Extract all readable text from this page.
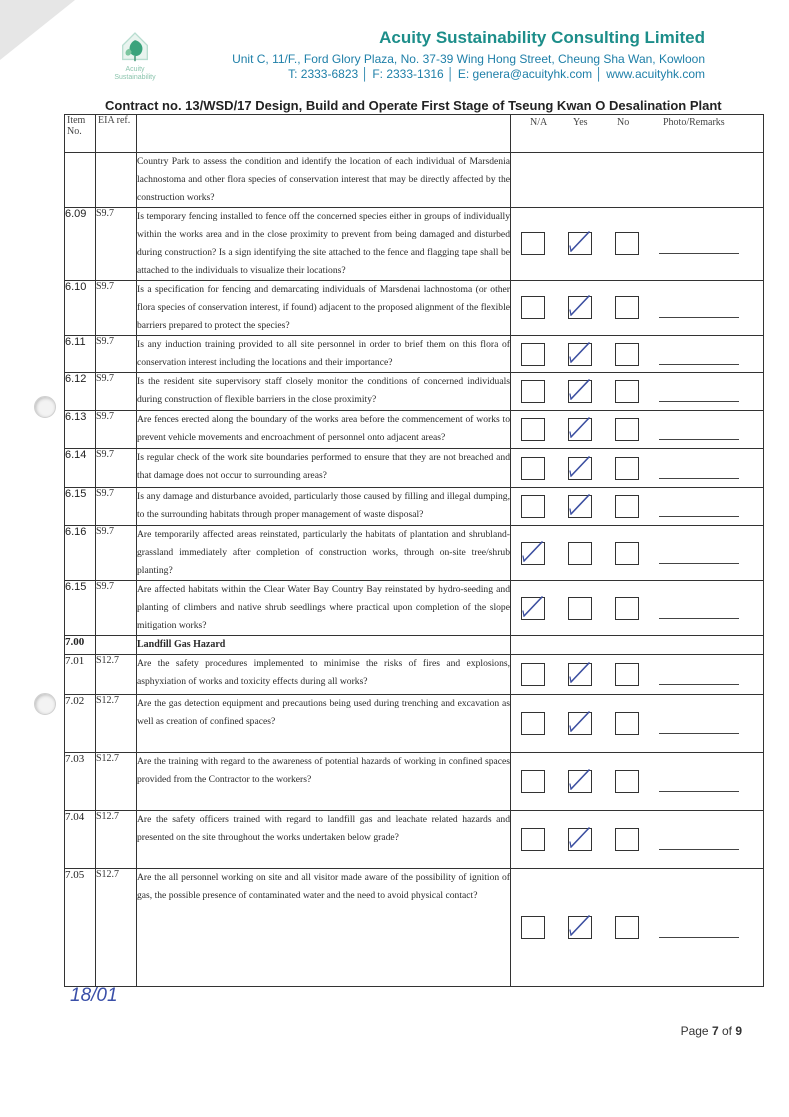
Acuity
Sustainability
Acuity Sustainability Consulting Limited
Unit C, 11/F., Ford Glory Plaza, No. 37-39 Wing Hong Street, Cheung Sha Wan, Kowloon
T: 2333-6823 │ F: 2333-1316 │ E: genera@acuityhk.com │ www.acuityhk.com
Contract no. 13/WSD/17 Design, Build and Operate First Stage of Tseung Kwan O Desalination Plant
Item No.	EIA ref.		N/A Yes No Photo/Remarks

		Country Park to assess the condition and identify the location of each individual of Marsdenia lachnostoma and other flora species of conservation interest that may be directly affected by the construction works?	
6.09	S9.7	Is temporary fencing installed to fence off the concerned species either in groups of individually within the works area and in the close proximity to prevent from being damaged and disturbed during construction? Is a sign identifying the site attached to the fence and flagging tape shall be attached to the individuals to visualize their locations?	

6.10	S9.7	Is a specification for fencing and demarcating individuals of Marsdenai lachnostoma (or other flora species of conservation interest, if found) adjacent to the proposed alignment of the flexible barriers prepared to protect the species?	

6.11	S9.7	Is any induction training provided to all site personnel in order to brief them on this flora of conservation interest including the locations and their importance?	

6.12	S9.7	Is the resident site supervisory staff closely monitor the conditions of concerned individuals during construction of flexible barriers in the close proximity?	

6.13	S9.7	Are fences erected along the boundary of the works area before the commencement of works to prevent vehicle movements and encroachment of personnel onto adjacent areas?	

6.14	S9.7	Is regular check of the work site boundaries performed to ensure that they are not breached and that damage does not occur to surrounding areas?	

6.15	S9.7	Is any damage and disturbance avoided, particularly those caused by filling and illegal dumping, to the surrounding habitats through proper management of waste disposal?	

6.16	S9.7	Are temporarily affected areas reinstated, particularly the habitats of plantation and shrubland-grassland immediately after completion of construction works, through on-site tree/shrub planting?	

6.15	S9.7	Are affected habitats within the Clear Water Bay Country Bay reinstated by hydro-seeding and planting of climbers and native shrub seedlings where practical upon completion of the slope mitigation works?	

7.00		Landfill Gas Hazard	
7.01	S12.7	Are the safety procedures implemented to minimise the risks of fires and explosions, asphyxiation of works and toxicity effects during all works?	

7.02	S12.7	Are the gas detection equipment and precautions being used during trenching and excavation as well as creation of confined spaces?	

7.03	S12.7	Are the training with regard to the awareness of potential hazards of working in confined spaces provided from the Contractor to the workers?	

7.04	S12.7	Are the safety officers trained with regard to landfill gas and leachate related hazards and presented on the site throughout the works undertaken below grade?	

7.05	S12.7	Are the all personnel working on site and all visitor made aware of the possibility of ignition of gas, the possible presence of contaminated water and the need to avoid physical contact?	
18/01
Page 7 of 9
